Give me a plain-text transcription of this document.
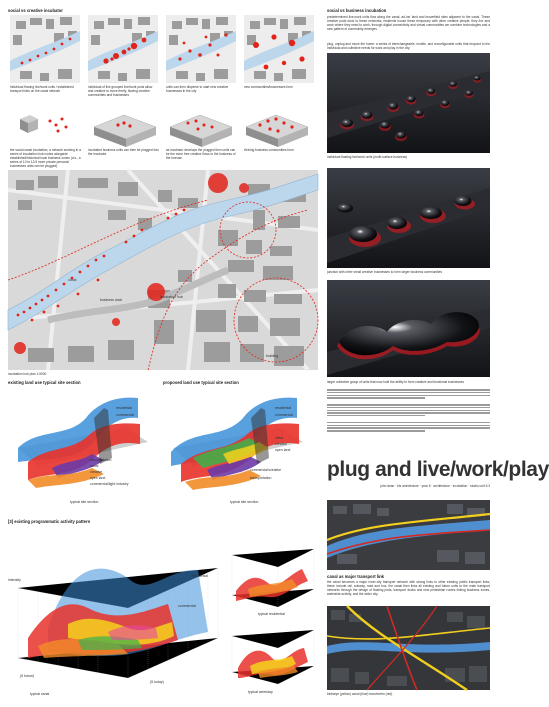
social vs creative incubator
individual flowing live/work units / established transport links on the canal network
individual of live grouped live/work pods allow and creative to move freely, flowing creative communities and businesses
units can then disperse to start new creative businesses in the city
new communities/businesses form
the social canal incubation, a network working in a series of incubation hub nodes alongside established/historical local business zones (d.s., a series of 10 to 12/4 more private personal businesses units can be plugged)
incubated business units can then be plugged into the incubator
as incubator develops the plugged then units can be the more free creative flows to the business of the foreuse
thriving business communities form
social vs business incubation
predetermined live-work units flow along the canal, ad-ins' land and brownfield sites adjacent to the canal. These creative pods dock to these networks; residents house these temporary with other creative people; they live and work where they need to work, through digital connectivity and virtual communities we combine technologies and a new pattern of community emerges.
plug, unplug and move the home: a series of interchangeable, mobile, and reconfigurable units that respond to the individual and collective needs for work and play in the city.
individual floating live/work units (multi-surface business)
incubation hub
business dock
canal
building
incubation hub plan 1:5000
junction with other small creative businesses to form larger business communities
larger collective group of units that now hold the ability to form creative and functional businesses
existing land use typical site section	proposed land use typical site section
residential
commercial
transportation
canal
creative
open land
commercial/light industry
typical site section
residential
commercial
office
creative
open land
commercial/creative
transportation
typical site section
plug and live/work/play
john dean · bls architecture · year 5 · architecture · incubation · studio unit 5.3
canal as major transport link
the canal becomes a major inner-city transport network with strong links to other existing public transport links; these include rail, subway, road and bus. the canal then links all existing and future units to the main transport networks through the design of floating pods, transport docks and new pedestrian routes linking business zones, waterside activity, and the wider city.
birdseye (yellow) canal (blue) tram/metro (red)
[3] existing programmatic activity pattern
intensity
residential
commercial
(5 future)
(5 today)
typical canal
typical residential
typical weekday
